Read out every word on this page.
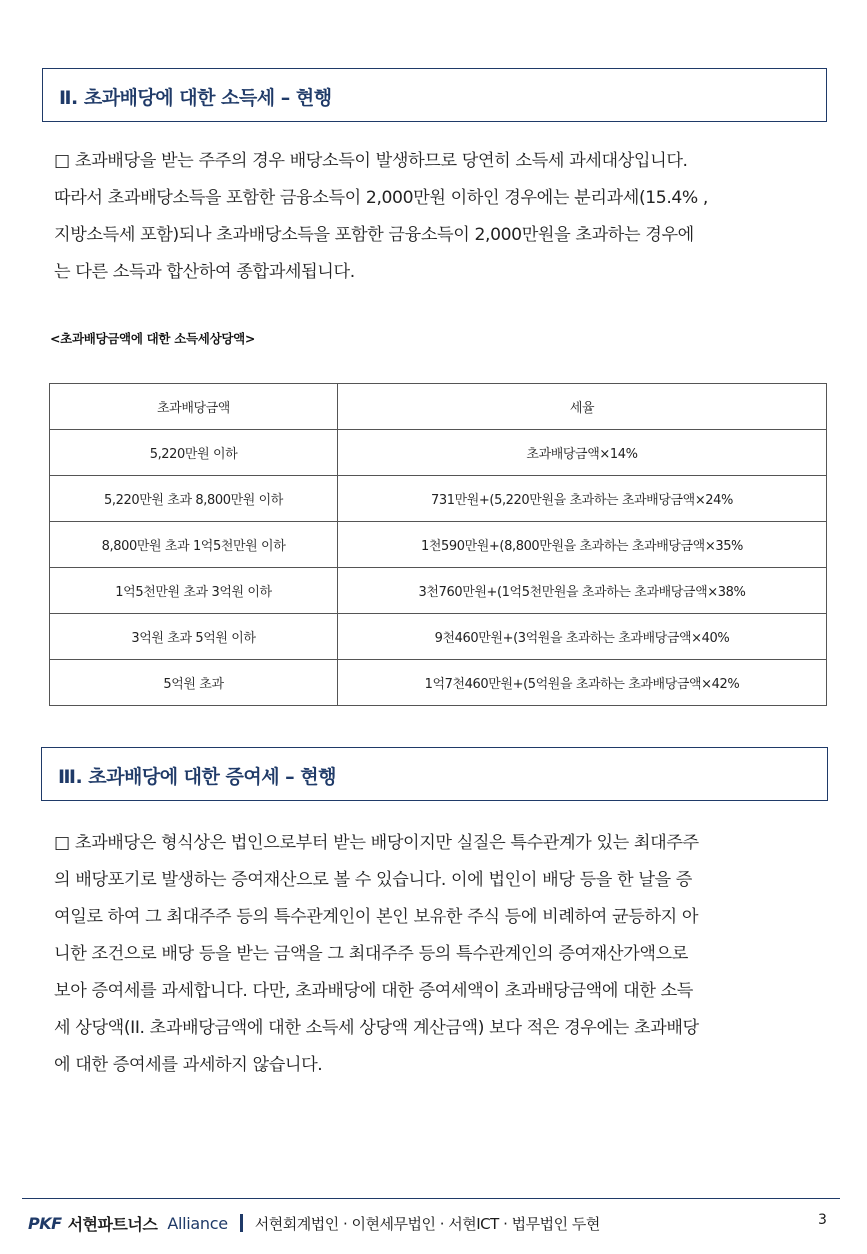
Ⅱ. 초과배당에 대한 소득세 – 현행
□ 초과배당을 받는 주주의 경우 배당소득이 발생하므로 당연히 소득세 과세대상입니다.
따라서 초과배당소득을 포함한 금융소득이 2,000만원 이하인 경우에는 분리과세(15.4% ,
지방소득세 포함)되나 초과배당소득을 포함한 금융소득이 2,000만원을 초과하는 경우에
는 다른 소득과 합산하여 종합과세됩니다.
<초과배당금액에 대한 소득세상당액>
초과배당금액	세율
5,220만원 이하	초과배당금액×14%
5,220만원 초과 8,800만원 이하	731만원+(5,220만원을 초과하는 초과배당금액×24%
8,800만원 초과 1억5천만원 이하	1천590만원+(8,800만원을 초과하는 초과배당금액×35%
1억5천만원 초과 3억원 이하	3천760만원+(1억5천만원을 초과하는 초과배당금액×38%
3억원 초과 5억원 이하	9천460만원+(3억원을 초과하는 초과배당금액×40%
5억원 초과	1억7천460만원+(5억원을 초과하는 초과배당금액×42%
Ⅲ. 초과배당에 대한 증여세 – 현행
□ 초과배당은 형식상은 법인으로부터 받는 배당이지만 실질은 특수관계가 있는 최대주주
의 배당포기로 발생하는 증여재산으로 볼 수 있습니다. 이에 법인이 배당 등을 한 날을 증
여일로 하여 그 최대주주 등의 특수관계인이 본인 보유한 주식 등에 비례하여 균등하지 아
니한 조건으로 배당 등을 받는 금액을 그 최대주주 등의 특수관계인의 증여재산가액으로
보아 증여세를 과세합니다. 다만, 초과배당에 대한 증여세액이 초과배당금액에 대한 소득
세 상당액(II. 초과배당금액에 대한 소득세 상당액 계산금액) 보다 적은 경우에는 초과배당
에 대한 증여세를 과세하지 않습니다.
PKF 서현파트너스 Alliance 서현회계법인 · 이현세무법인 · 서현ICT · 법무법인 두현	3
